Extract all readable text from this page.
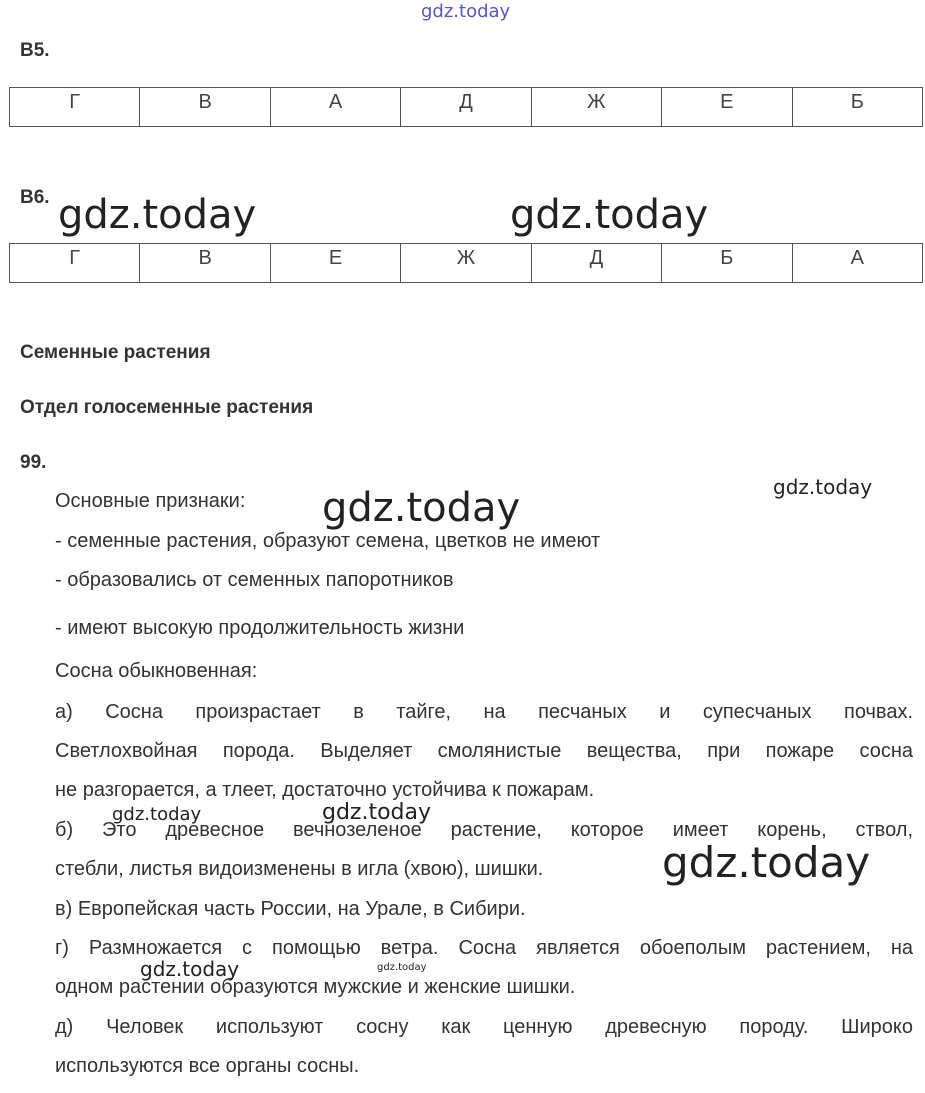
gdz.today
В5.
Г	В	А	Д	Ж	Е	Б
В6. gdz.today	gdz.today
Г	В	Е	Ж	Д	Б	А
Семенные растения
Отдел голосеменные растения
99.
Основные признаки:
gdz.today
gdz.today
- семенные растения, образуют семена, цветков не имеют
- образовались от семенных папоротников
- имеют высокую продолжительность жизни
Сосна обыкновенная:
а) Сосна произрастает в тайге, на песчаных и супесчаных почвах.
Светлохвойная порода. Выделяет смолянистые вещества, при пожаре сосна
не разгорается, а тлеет, достаточно устойчива к пожарам.
gdz.today	gdz.today
б) Это древесное вечнозеленое растение, которое имеет корень, ствол,
стебли, листья видоизменены в игла (хвою), шишки.	gdz.today
в) Европейская часть России, на Урале, в Сибири.
г) Размножается с помощью ветра. Сосна является обоеполым растением, на
одном растении образуются мужские и женские шишки.
gdz.today	gdz.today
д) Человек используют сосну как ценную древесную породу. Широко
используются все органы сосны.
